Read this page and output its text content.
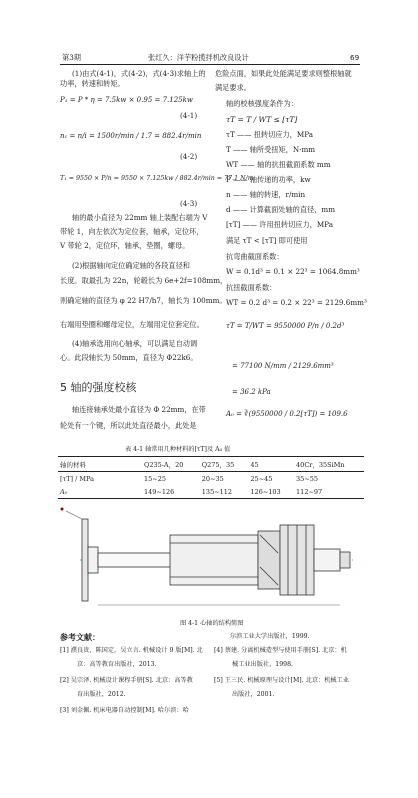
第3期	张红久：洋芋粉揽拌机改良设计	69
(1)由式(4-1)，式(4-2)，式(4-3)求轴上的功率，转速和转矩。
P₁ = P * η = 7.5kw × 0.95 = 7.125kw
(4-1)
n₁ = n/i = 1500r/min / 1.7 = 882.4r/min
(4-2)
T₁ = 9550 × P/n = 9550 × 7.125kw / 882.4r/min = 77.1 N/m
(4-3)
轴的最小直径为 22mm 轴上装配右端为 V
带轮 1，向左依次为定位套，轴承，定位环，
V 带轮 2，定位环，轴承，垫圈，螺母。
(2)根据轴向定位确定轴的各段直径和
长度。取最孔为 22n，轮毂长为 6e+2f=108mm，
则确定轴的直径为 φ 22 H7/h7，轴长为 100mm。
右端用垫圈和螺母定位，左端用定位套定位。
(4)轴承选用向心轴承，可以满足自动调
心。此段轴长为 50mm，直径为 Φ22k6。
5 轴的强度校核
轴连接轴承处最小直径为 Φ 22mm，在带
轮处有一个键，所以此处直径最小，此处是
危险点面，如果此处能满足要求则整根轴就
满足要求。
轴的校核强度条件为：
τT = T / WT ≤ [τT]
τT —— 扭转切应力，MPa
T —— 轴所受扭矩，N·mm
WT —— 轴的抗扭截面系数 mm
P —— 轴传递的功率，kw
n —— 轴的转速，r/min
d —— 计算截面处轴的直径，mm
[τT] —— 许用扭转切应力，MPa
满足 τT < [τT] 即可使用
抗弯曲截面系数：
W = 0.1d³ = 0.1 × 22³ = 1064.8mm³
抗扭截面系数：
WT = 0.2 d³ = 0.2 × 22³ = 2129.6mm³
τT = T/WT = 9550000 P/n / 0.2d³
= 77100 N/mm / 2129.6mm³
= 36.2 kPa
A₀ = ∛(9550000 / 0.2[τT]) = 109.6
表 4-1 轴常用几种材料的[τT]及 A₀ 值
轴的材料	Q235-A，20	Q275，35	45	40Cr，35SiMn
[τT] / MPa	15~25	20~35	25~45	35~55
A₀	149~126	135~112	126~103	112~97
图 4-1 心轴的结构简图
参考文献：
[1] 濮良贵，陈国定，吴立言. 机械设计 9 版[M]. 北
京：高等教育出版社，2013.
[2] 吴宗泽. 机械设计课程手册[S]. 北京：高等教
育出版社，2012.
[3] 刘金佩. 机床电器自动控制[M]. 哈尔滨：哈
尔滨工业大学出版社，1999.
[4] 蔡建. 分离机械造型与使用手册[S]. 北京：机
械工业出版社，1998.
[5] 王三民. 机械原理与设计[M]. 北京：机械工业
出版社，2001.
